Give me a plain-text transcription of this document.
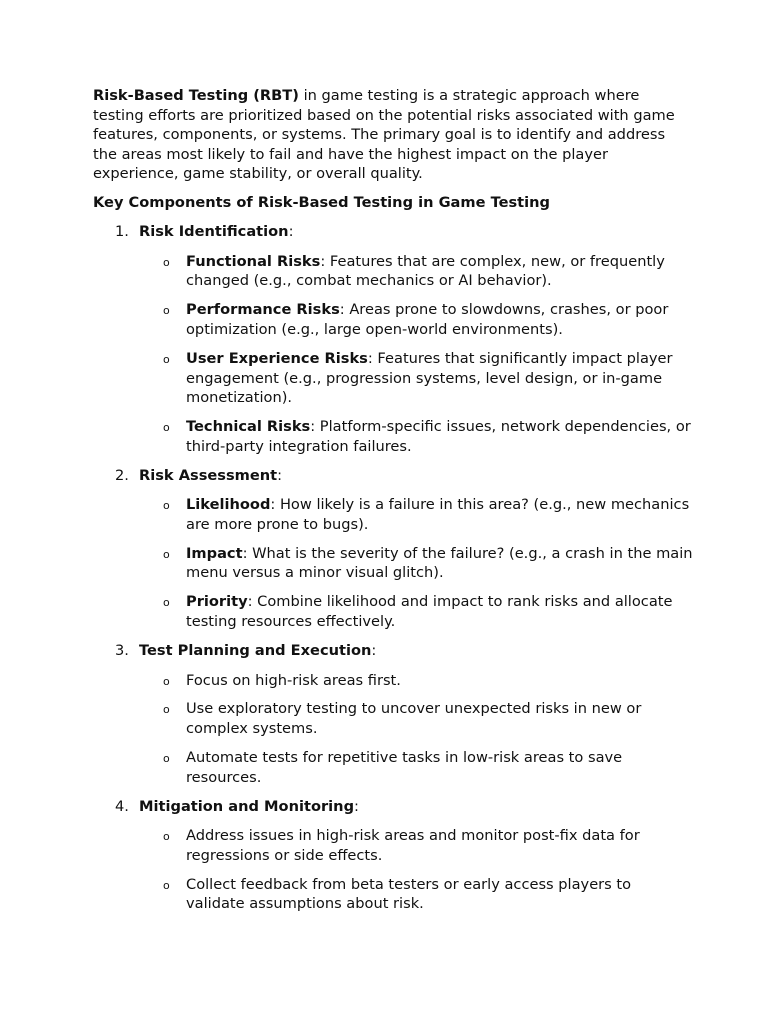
Risk-Based Testing (RBT) in game testing is a strategic approach where testing efforts are prioritized based on the potential risks associated with game features, components, or systems. The primary goal is to identify and address the areas most likely to fail and have the highest impact on the player experience, game stability, or overall quality.

Key Components of Risk-Based Testing in Game Testing

1. Risk Identification:
o Functional Risks: Features that are complex, new, or frequently changed (e.g., combat mechanics or AI behavior).
o Performance Risks: Areas prone to slowdowns, crashes, or poor optimization (e.g., large open-world environments).
o User Experience Risks: Features that significantly impact player engagement (e.g., progression systems, level design, or in-game monetization).
o Technical Risks: Platform-specific issues, network dependencies, or third-party integration failures.
2. Risk Assessment:
o Likelihood: How likely is a failure in this area? (e.g., new mechanics are more prone to bugs).
o Impact: What is the severity of the failure? (e.g., a crash in the main menu versus a minor visual glitch).
o Priority: Combine likelihood and impact to rank risks and allocate testing resources effectively.
3. Test Planning and Execution:
o Focus on high-risk areas first.
o Use exploratory testing to uncover unexpected risks in new or complex systems.
o Automate tests for repetitive tasks in low-risk areas to save resources.
4. Mitigation and Monitoring:
o Address issues in high-risk areas and monitor post-fix data for regressions or side effects.
o Collect feedback from beta testers or early access players to validate assumptions about risk.
